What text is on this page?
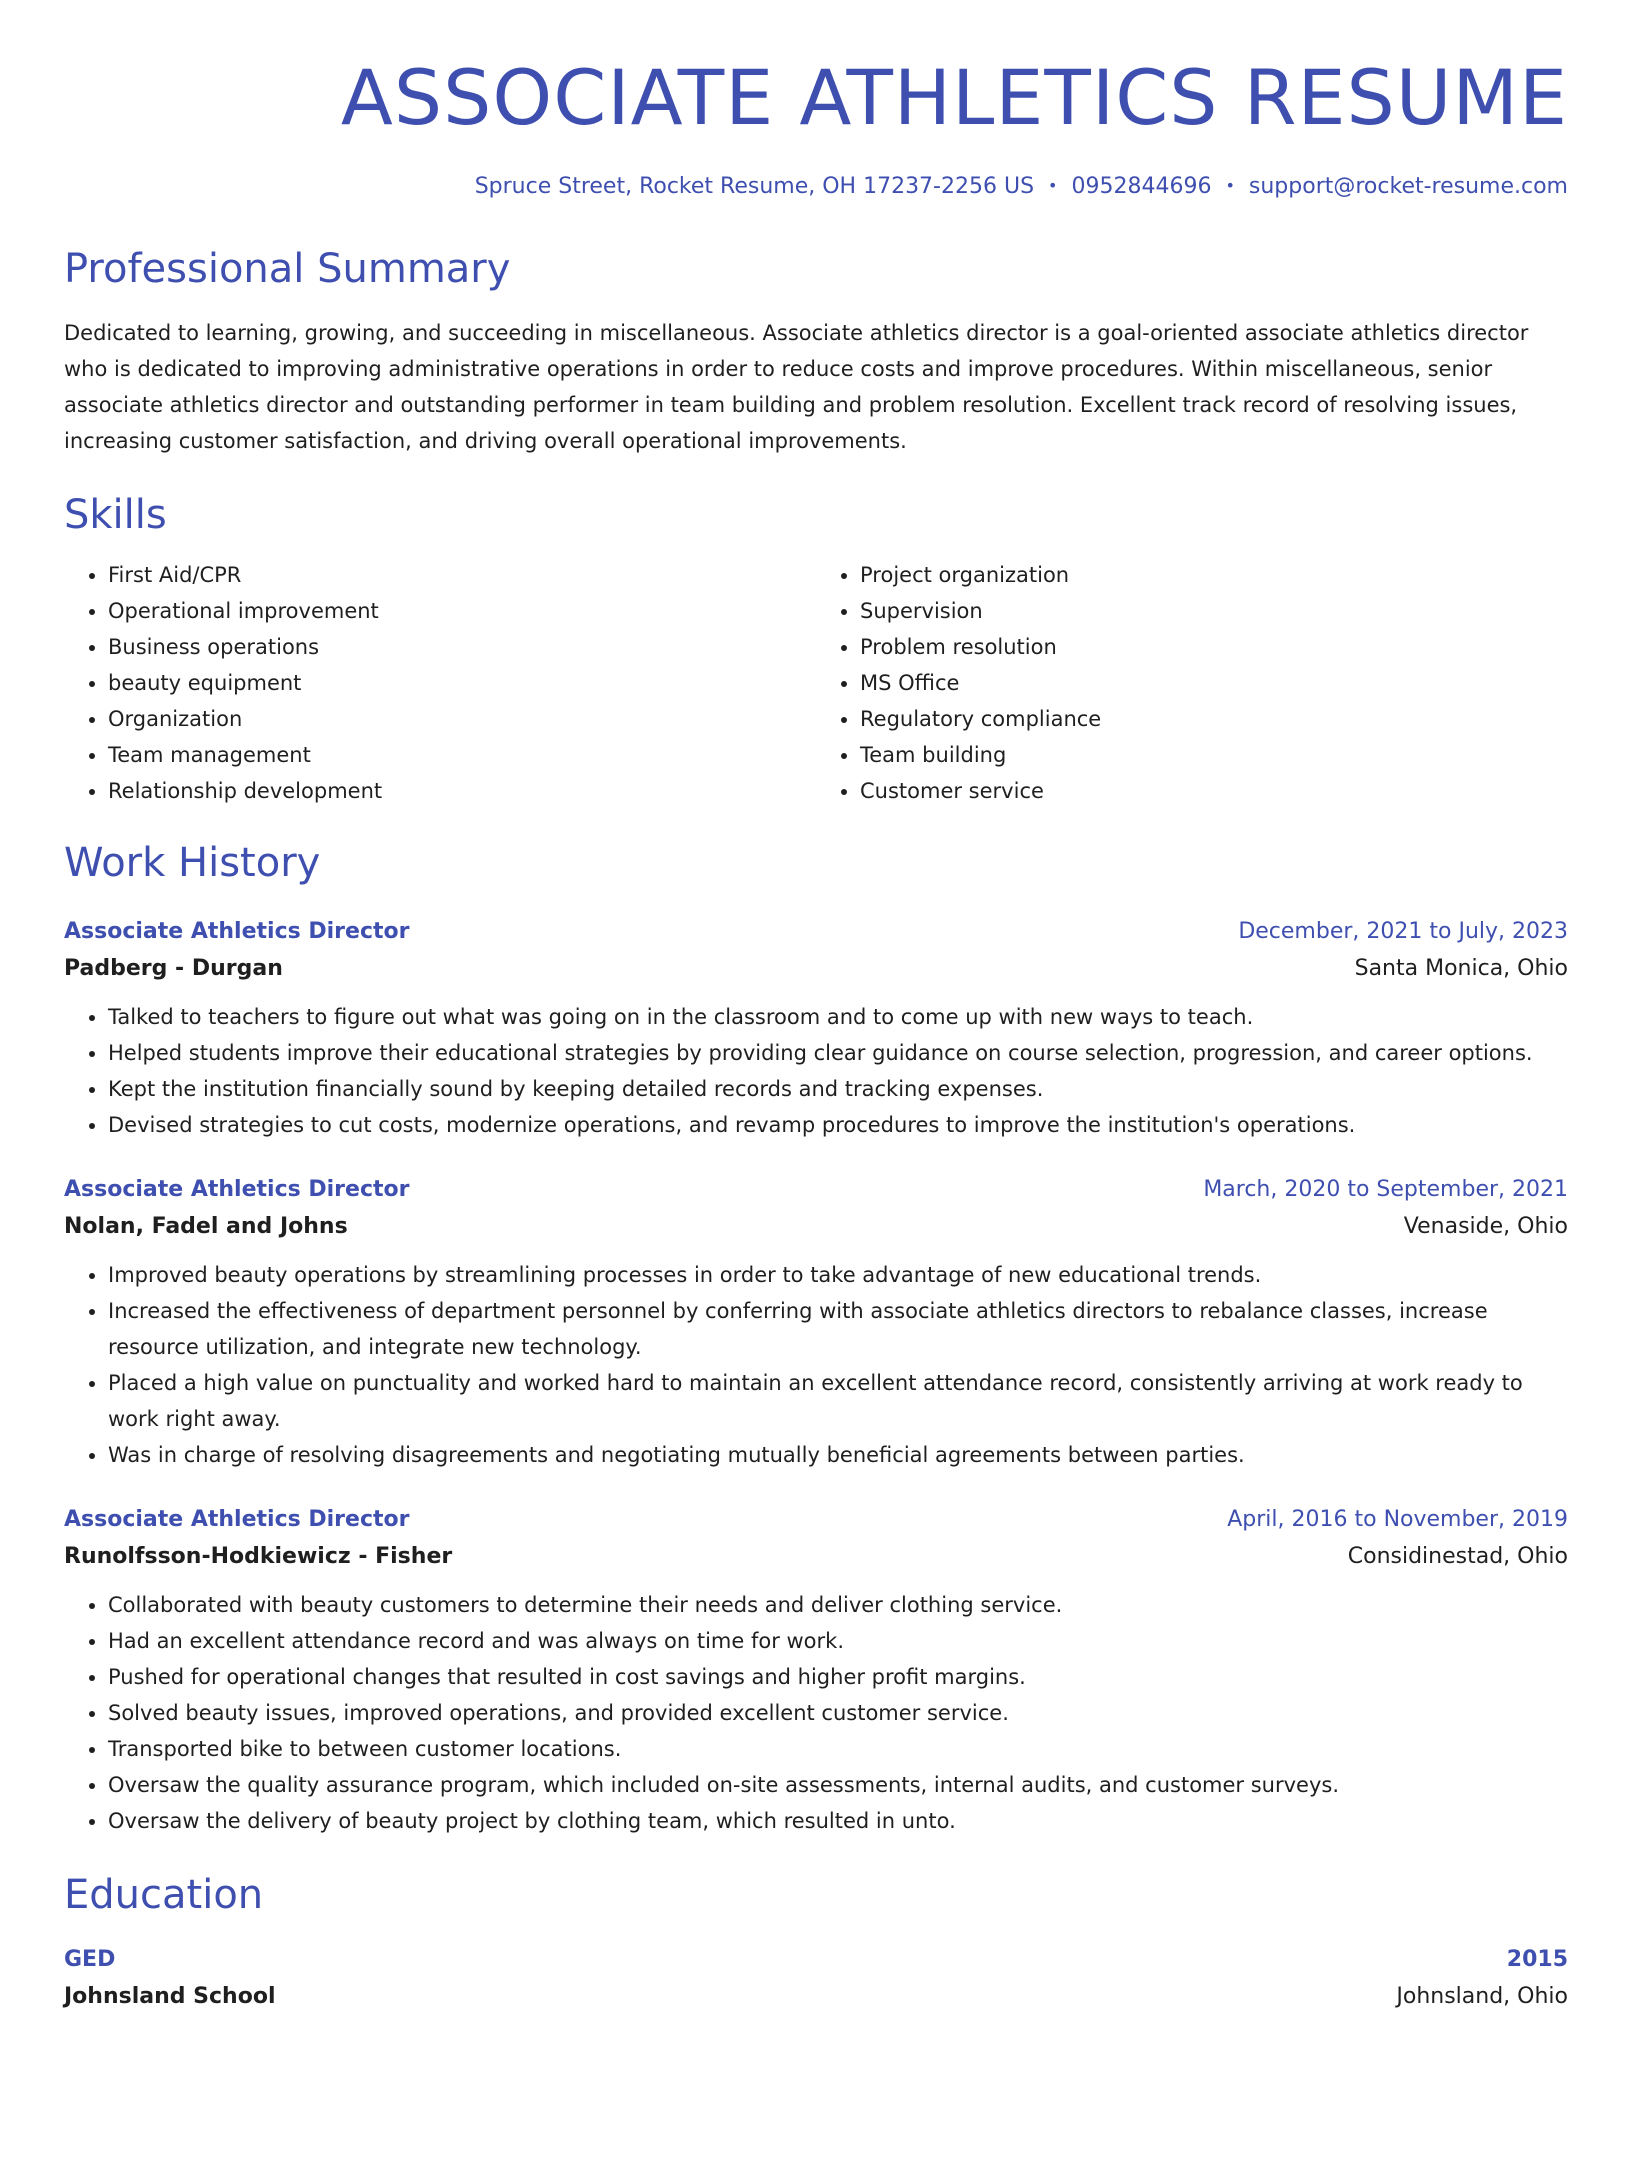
ASSOCIATE ATHLETICS RESUME
Spruce Street, Rocket Resume, OH 17237-2256 US • 0952844696 • support@rocket-resume.com
Professional Summary
Dedicated to learning, growing, and succeeding in miscellaneous. Associate athletics director is a goal-oriented associate athletics director who is dedicated to improving administrative operations in order to reduce costs and improve procedures. Within miscellaneous, senior associate athletics director and outstanding performer in team building and problem resolution. Excellent track record of resolving issues, increasing customer satisfaction, and driving overall operational improvements.
Skills
• First Aid/CPR
• Operational improvement
• Business operations
• beauty equipment
• Organization
• Team management
• Relationship development
• Project organization
• Supervision
• Problem resolution
• MS Office
• Regulatory compliance
• Team building
• Customer service
Work History
Associate Athletics Director	December, 2021 to July, 2023
Padberg - Durgan	Santa Monica, Ohio
• Talked to teachers to figure out what was going on in the classroom and to come up with new ways to teach.
• Helped students improve their educational strategies by providing clear guidance on course selection, progression, and career options.
• Kept the institution financially sound by keeping detailed records and tracking expenses.
• Devised strategies to cut costs, modernize operations, and revamp procedures to improve the institution's operations.
Associate Athletics Director	March, 2020 to September, 2021
Nolan, Fadel and Johns	Venaside, Ohio
• Improved beauty operations by streamlining processes in order to take advantage of new educational trends.
• Increased the effectiveness of department personnel by conferring with associate athletics directors to rebalance classes, increase resource utilization, and integrate new technology.
• Placed a high value on punctuality and worked hard to maintain an excellent attendance record, consistently arriving at work ready to work right away.
• Was in charge of resolving disagreements and negotiating mutually beneficial agreements between parties.
Associate Athletics Director	April, 2016 to November, 2019
Runolfsson-Hodkiewicz - Fisher	Considinestad, Ohio
• Collaborated with beauty customers to determine their needs and deliver clothing service.
• Had an excellent attendance record and was always on time for work.
• Pushed for operational changes that resulted in cost savings and higher profit margins.
• Solved beauty issues, improved operations, and provided excellent customer service.
• Transported bike to between customer locations.
• Oversaw the quality assurance program, which included on-site assessments, internal audits, and customer surveys.
• Oversaw the delivery of beauty project by clothing team, which resulted in unto.
Education
GED	2015
Johnsland School	Johnsland, Ohio
